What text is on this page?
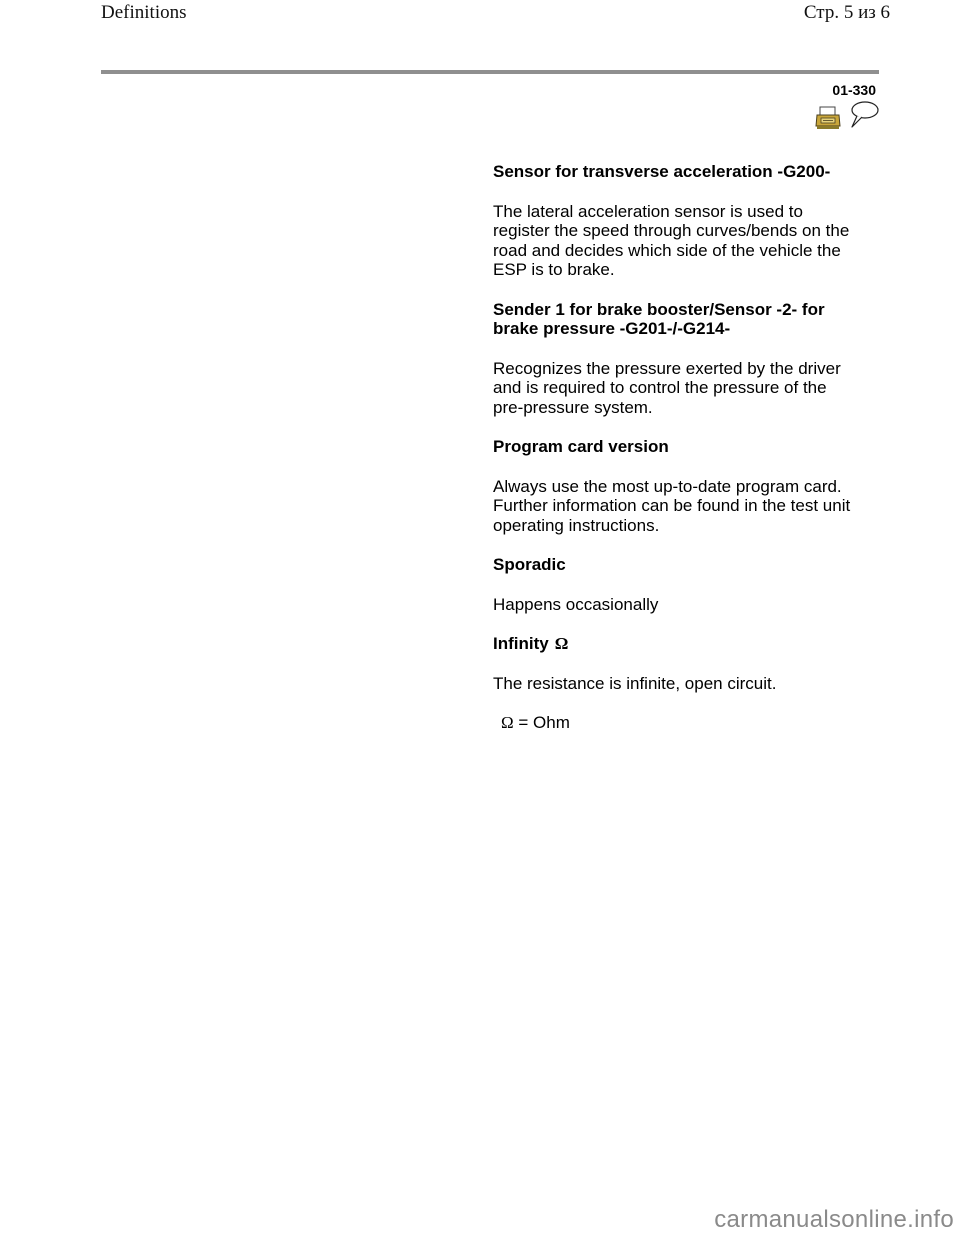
Definitions	Стр. 5 из 6
01-330
Sensor for transverse acceleration -G200-
The lateral acceleration sensor is used to
register the speed through curves/bends on the
road and decides which side of the vehicle the
ESP is to brake.
Sender 1 for brake booster/Sensor -2- for
brake pressure -G201-/-G214-
Recognizes the pressure exerted by the driver
and is required to control the pressure of the
pre-pressure system.
Program card version
Always use the most up-to-date program card.
Further information can be found in the test unit
operating instructions.
Sporadic
Happens occasionally
Infinity Ω
The resistance is infinite, open circuit.
Ω = Ohm
carmanualsonline.info
